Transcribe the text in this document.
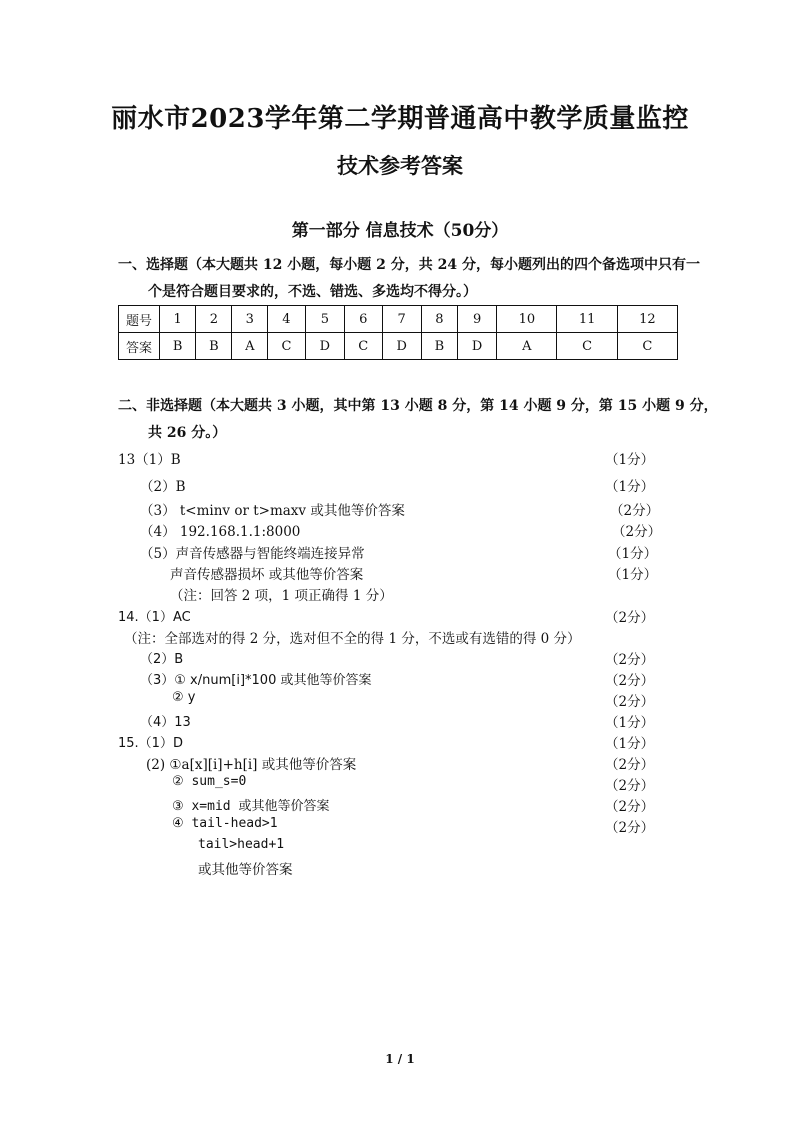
丽水市2023学年第二学期普通高中教学质量监控
技术参考答案
第一部分 信息技术（50分）
一、选择题（本大题共 12 小题，每小题 2 分，共 24 分，每小题列出的四个备选项中只有一
个是符合题目要求的，不选、错选、多选均不得分。）
题号	1	2	3	4	5	6	7	8	9	10	11	12
答案	B	B	A	C	D	C	D	B	D	A	C	C
二、非选择题（本大题共 3 小题，其中第 13 小题 8 分，第 14 小题 9 分，第 15 小题 9 分，
共 26 分。）
13（1）B	（1分）
（2）B	（1分）
（3） t<minv or t>maxv 或其他等价答案	（2分）
（4） 192.168.1.1:8000	（2分）
（5）声音传感器与智能终端连接异常	（1分）
声音传感器损坏 或其他等价答案	（1分）
（注：回答 2 项，1 项正确得 1 分）
14.（1）AC	（2分）
（注：全部选对的得 2 分，选对但不全的得 1 分，不选或有选错的得 0 分）
（2）B	（2分）
（3）① x/num[i]*100 或其他等价答案	（2分）
② y	（2分）
（4）13	（1分）
15.（1）D	（1分）
(2) ①a[x][i]+h[i] 或其他等价答案	（2分）
② sum_s=0	（2分）
③ x=mid 或其他等价答案	（2分）
④ tail-head>1	（2分）
tail>head+1
或其他等价答案
1 / 1
